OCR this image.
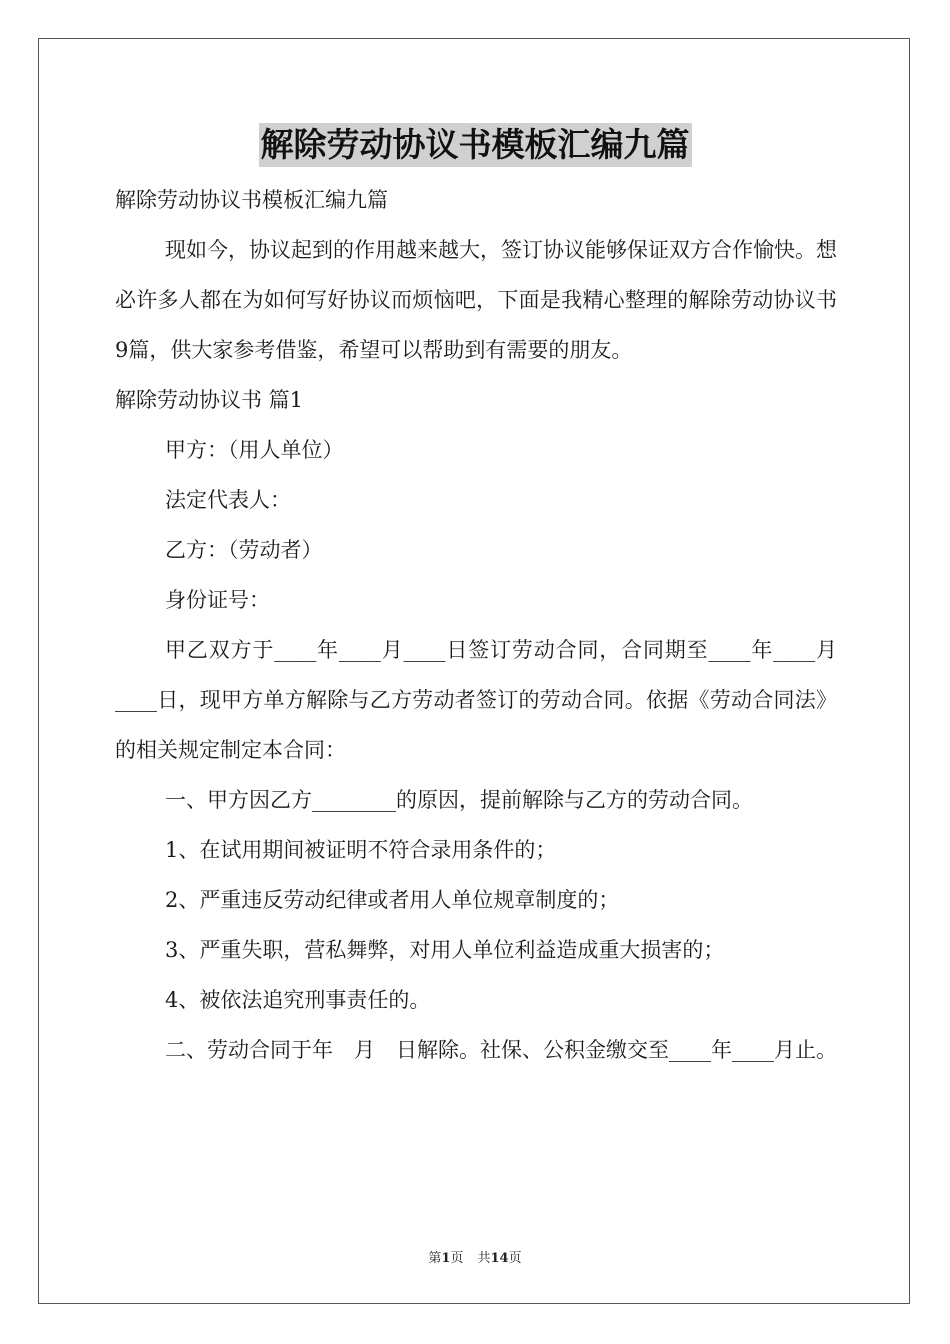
解除劳动协议书模板汇编九篇

解除劳动协议书模板汇编九篇

现如今，协议起到的作用越来越大，签订协议能够保证双方合作愉快。想必许多人都在为如何写好协议而烦恼吧，下面是我精心整理的解除劳动协议书9篇，供大家参考借鉴，希望可以帮助到有需要的朋友。

解除劳动协议书 篇1

甲方：（用人单位）

法定代表人：

乙方：（劳动者）

身份证号：

甲乙双方于____年____月____日签订劳动合同，合同期至____年____月____日，现甲方单方解除与乙方劳动者签订的劳动合同。依据《劳动合同法》的相关规定制定本合同：

一、甲方因乙方________的原因，提前解除与乙方的劳动合同。

1、在试用期间被证明不符合录用条件的；

2、严重违反劳动纪律或者用人单位规章制度的；

3、严重失职，营私舞弊，对用人单位利益造成重大损害的；

4、被依法追究刑事责任的。

二、劳动合同于年　月　日解除。社保、公积金缴交至____年____月止。

第1页 共14页
